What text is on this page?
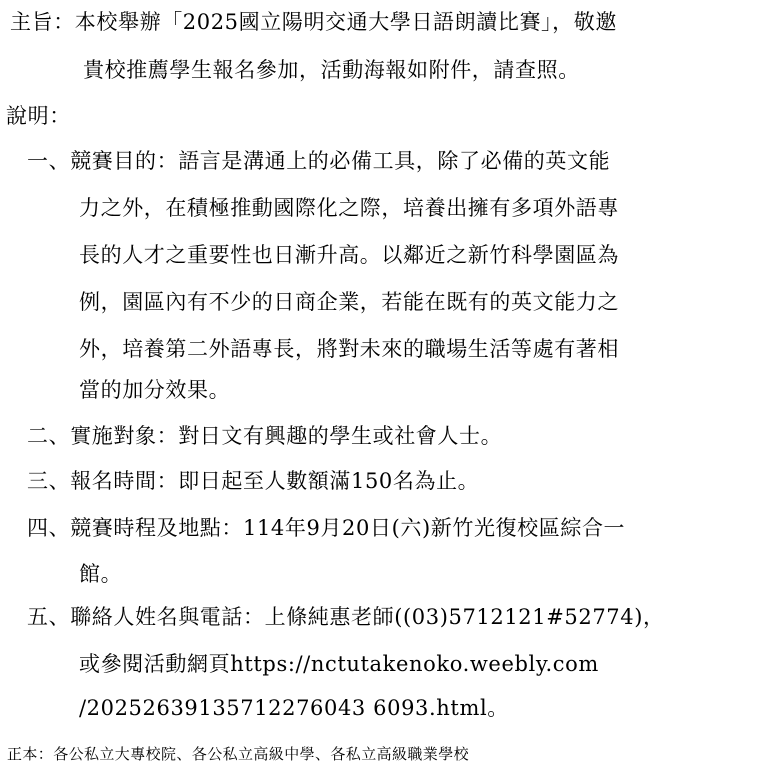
主旨：本校舉辦「2025國立陽明交通大學日語朗讀比賽」，敬邀
貴校推薦學生報名參加，活動海報如附件，請查照。
說明：
一、競賽目的：語言是溝通上的必備工具，除了必備的英文能
力之外，在積極推動國際化之際，培養出擁有多項外語專
長的人才之重要性也日漸升高。以鄰近之新竹科學園區為
例，園區內有不少的日商企業，若能在既有的英文能力之
外，培養第二外語專長，將對未來的職場生活等處有著相
當的加分效果。
二、實施對象：對日文有興趣的學生或社會人士。
三、報名時間：即日起至人數額滿150名為止。
四、競賽時程及地點：114年9月20日(六)新竹光復校區綜合一
館。
五、聯絡人姓名與電話：上條純惠老師((03)5712121#52774)，
或參閱活動網頁https://nctutakenoko.weebly.com
/20252639135712276043 6093.html。
正本：各公私立大專校院、各公私立高級中學、各私立高級職業學校
